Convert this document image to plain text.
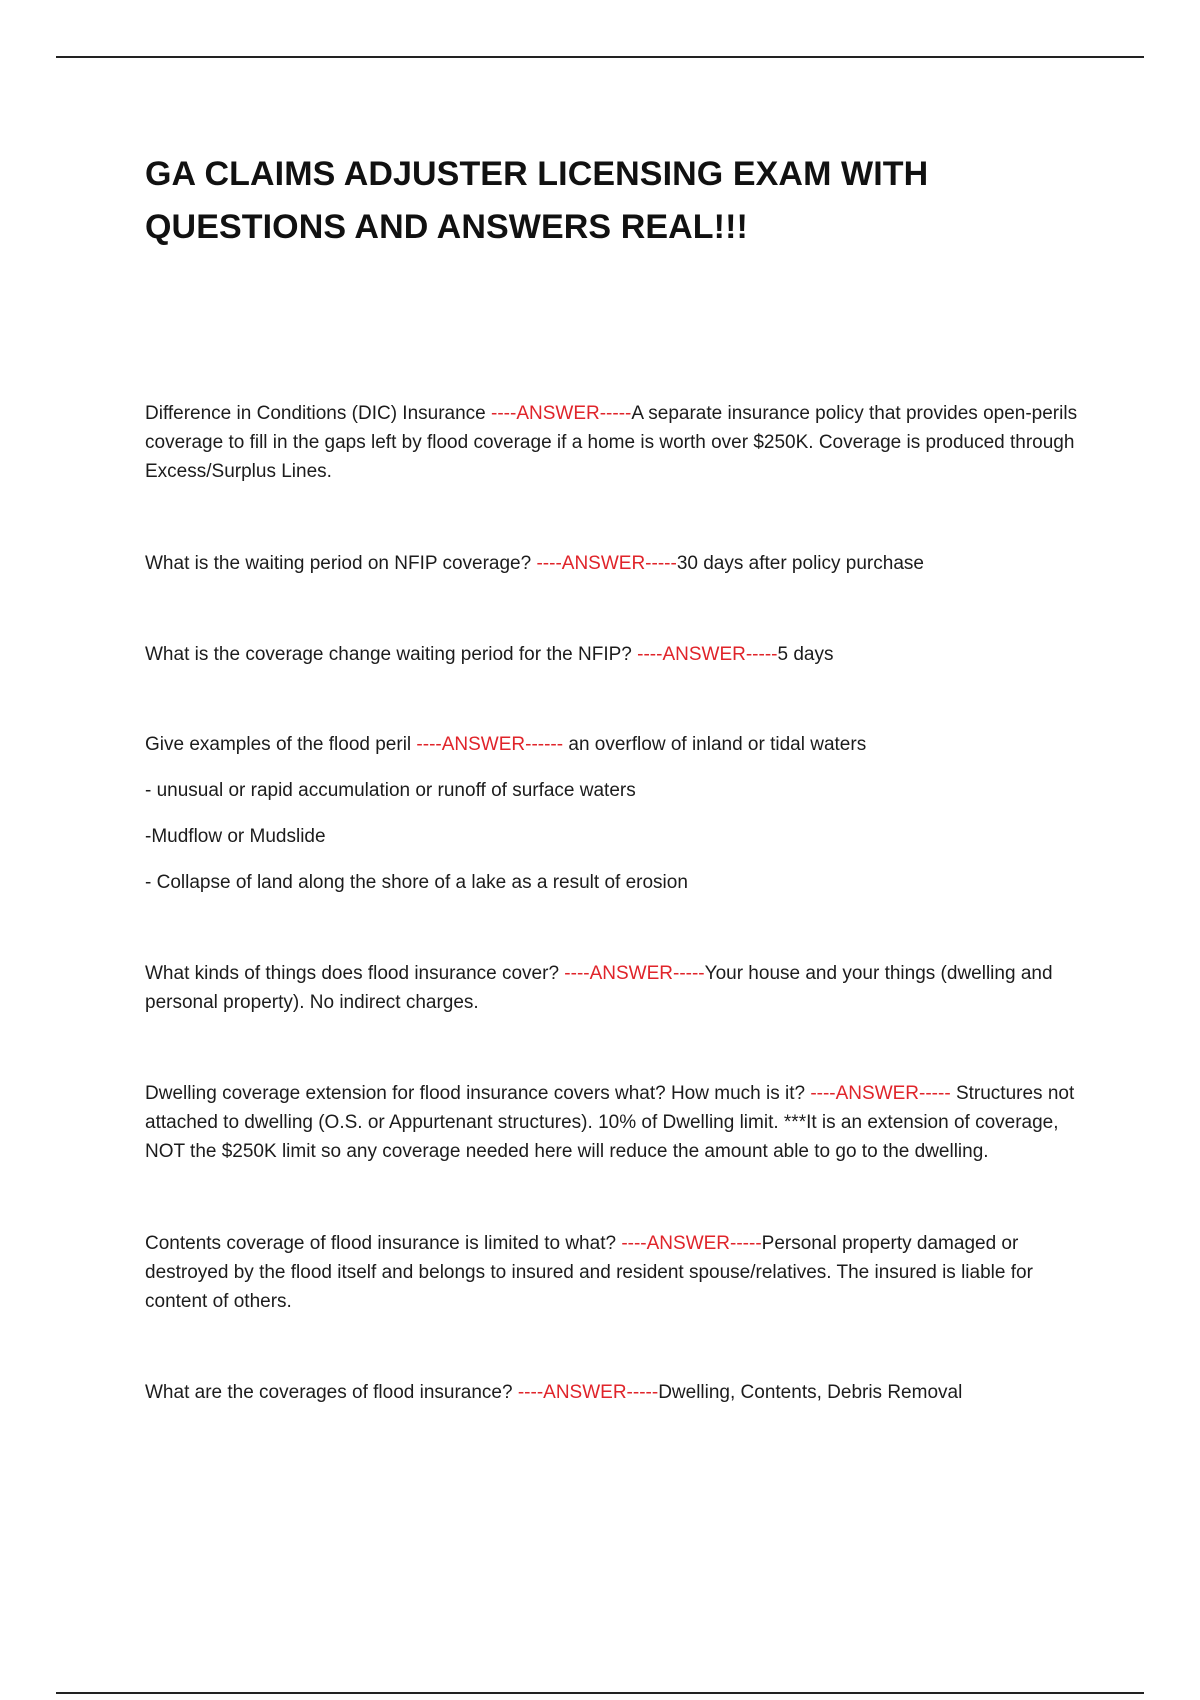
GA CLAIMS ADJUSTER LICENSING EXAM WITH QUESTIONS AND ANSWERS REAL!!!

Difference in Conditions (DIC) Insurance ----ANSWER-----A separate insurance policy that provides open-perils coverage to fill in the gaps left by flood coverage if a home is worth over $250K. Coverage is produced through Excess/Surplus Lines.

What is the waiting period on NFIP coverage? ----ANSWER-----30 days after policy purchase

What is the coverage change waiting period for the NFIP? ----ANSWER-----5 days

Give examples of the flood peril ----ANSWER------ an overflow of inland or tidal waters

- unusual or rapid accumulation or runoff of surface waters

-Mudflow or Mudslide

- Collapse of land along the shore of a lake as a result of erosion

What kinds of things does flood insurance cover? ----ANSWER-----Your house and your things (dwelling and personal property). No indirect charges.

Dwelling coverage extension for flood insurance covers what? How much is it? ----ANSWER----- Structures not attached to dwelling (O.S. or Appurtenant structures). 10% of Dwelling limit. ***It is an extension of coverage, NOT the $250K limit so any coverage needed here will reduce the amount able to go to the dwelling.

Contents coverage of flood insurance is limited to what? ----ANSWER-----Personal property damaged or destroyed by the flood itself and belongs to insured and resident spouse/relatives. The insured is liable for content of others.

What are the coverages of flood insurance? ----ANSWER-----Dwelling, Contents, Debris Removal
